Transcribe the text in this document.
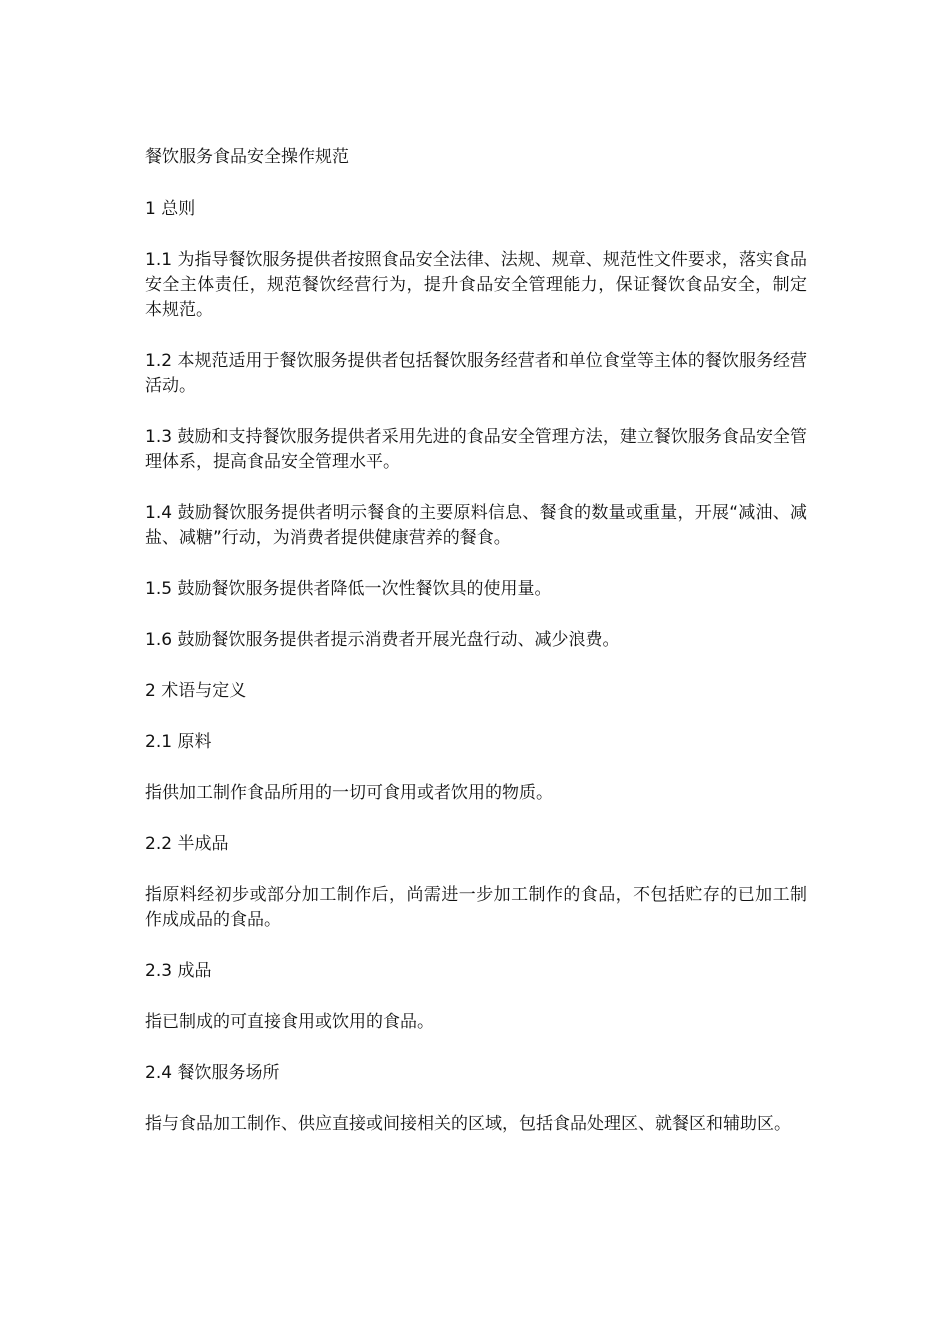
餐饮服务食品安全操作规范

1 总则

1.1 为指导餐饮服务提供者按照食品安全法律、法规、规章、规范性文件要求，落实食品安全主体责任，规范餐饮经营行为，提升食品安全管理能力，保证餐饮食品安全，制定本规范。

1.2 本规范适用于餐饮服务提供者包括餐饮服务经营者和单位食堂等主体的餐饮服务经营活动。

1.3 鼓励和支持餐饮服务提供者采用先进的食品安全管理方法，建立餐饮服务食品安全管理体系，提高食品安全管理水平。

1.4 鼓励餐饮服务提供者明示餐食的主要原料信息、餐食的数量或重量，开展“减油、减盐、减糖”行动，为消费者提供健康营养的餐食。

1.5 鼓励餐饮服务提供者降低一次性餐饮具的使用量。

1.6 鼓励餐饮服务提供者提示消费者开展光盘行动、减少浪费。

2 术语与定义

2.1 原料

指供加工制作食品所用的一切可食用或者饮用的物质。

2.2 半成品

指原料经初步或部分加工制作后，尚需进一步加工制作的食品，不包括贮存的已加工制作成成品的食品。

2.3 成品

指已制成的可直接食用或饮用的食品。

2.4 餐饮服务场所

指与食品加工制作、供应直接或间接相关的区域，包括食品处理区、就餐区和辅助区。
